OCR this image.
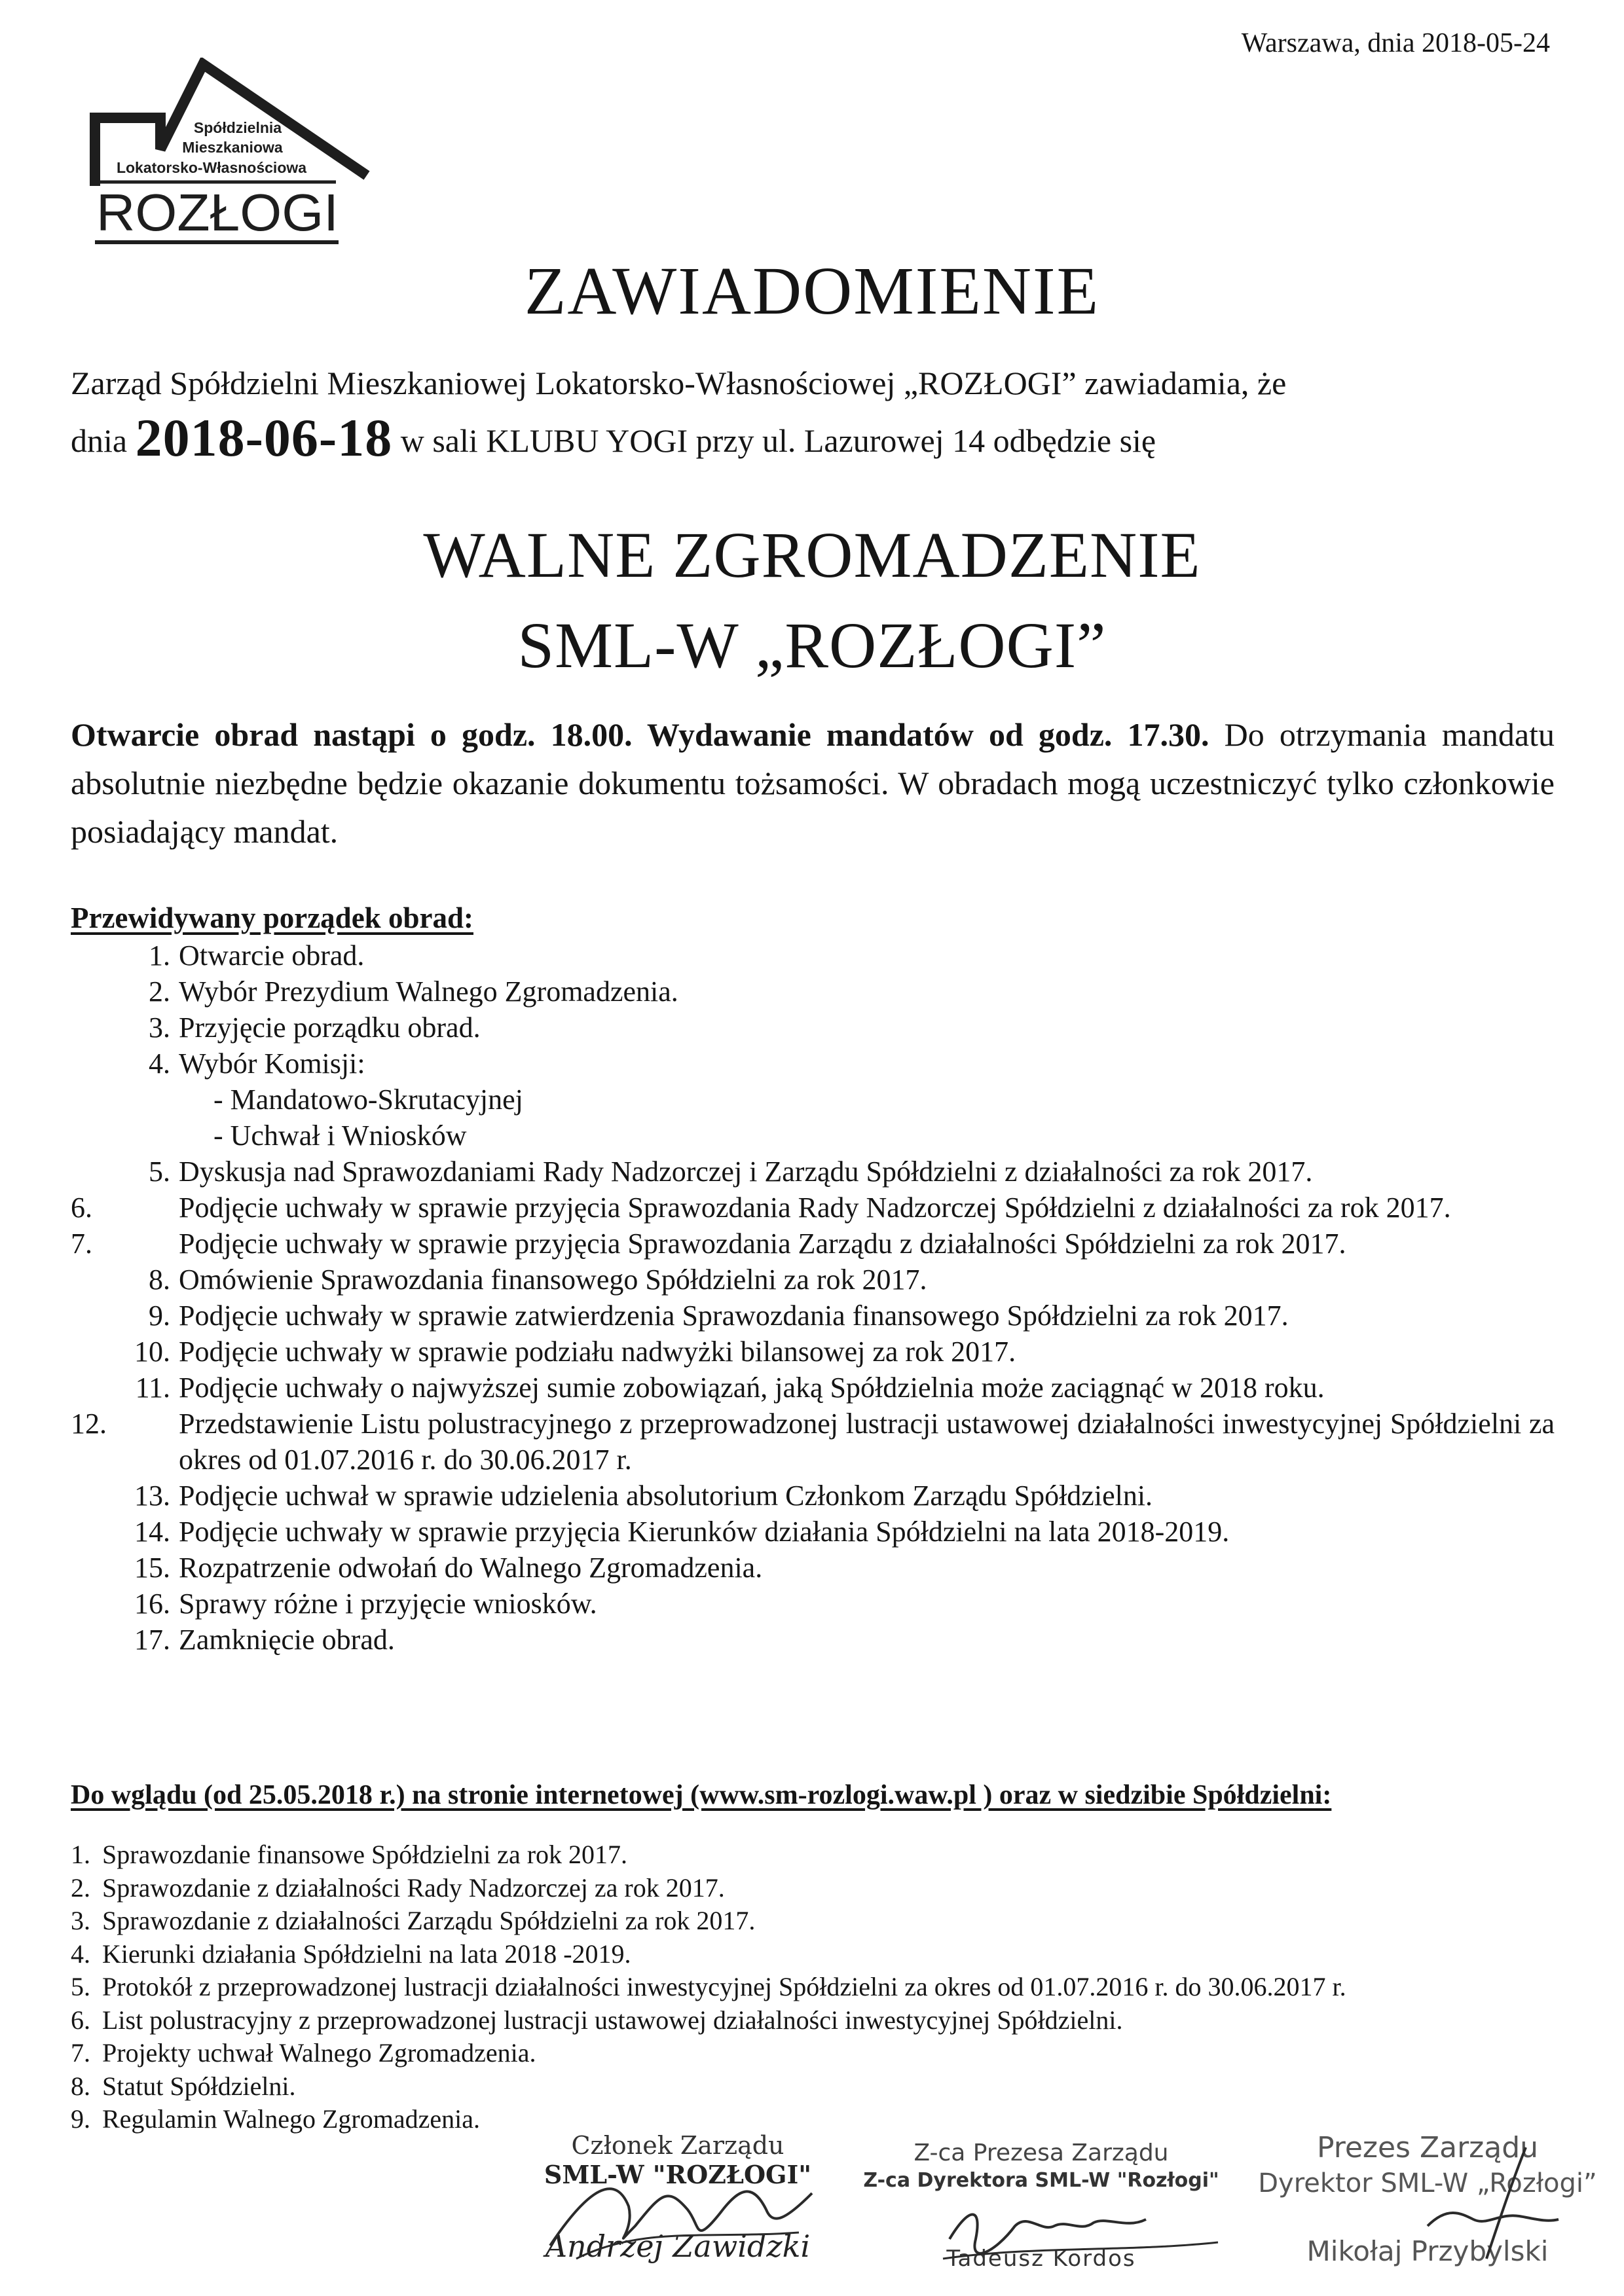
Warszawa, dnia 2018-05-24
Spółdzielnia
Mieszkaniowa
Lokatorsko-Własnościowa
ROZŁOGI
ZAWIADOMIENIE
Zarząd Spółdzielni Mieszkaniowej Lokatorsko-Własnościowej „ROZŁOGI” zawiadamia, że
dnia 2018-06-18 w sali KLUBU YOGI przy ul. Lazurowej 14 odbędzie się
WALNE ZGROMADZENIE
SML-W „ROZŁOGI”
Otwarcie obrad nastąpi o godz. 18.00. Wydawanie mandatów od godz. 17.30. Do otrzymania mandatu absolutnie niezbędne będzie okazanie dokumentu tożsamości. W obradach mogą uczestniczyć tylko członkowie posiadający mandat.
Przewidywany porządek obrad:
1. Otwarcie obrad.
2. Wybór Prezydium Walnego Zgromadzenia.
3. Przyjęcie porządku obrad.
4. Wybór Komisji:
- Mandatowo-Skrutacyjnej
- Uchwał i Wniosków
5. Dyskusja nad Sprawozdaniami Rady Nadzorczej i Zarządu Spółdzielni z działalności za rok 2017.
6.	Podjęcie uchwały w sprawie przyjęcia Sprawozdania Rady Nadzorczej Spółdzielni z działalności za rok 2017.
7.	Podjęcie uchwały w sprawie przyjęcia Sprawozdania Zarządu z działalności Spółdzielni za rok 2017.
8. Omówienie Sprawozdania finansowego Spółdzielni za rok 2017.
9. Podjęcie uchwały w sprawie zatwierdzenia Sprawozdania finansowego Spółdzielni za rok 2017.
10. Podjęcie uchwały w sprawie podziału nadwyżki bilansowej za rok 2017.
11. Podjęcie uchwały o najwyższej sumie zobowiązań, jaką Spółdzielnia może zaciągnąć w 2018 roku.
12.	Przedstawienie Listu polustracyjnego z przeprowadzonej lustracji ustawowej działalności inwestycyjnej Spółdzielni za okres od 01.07.2016 r. do 30.06.2017 r.
13. Podjęcie uchwał w sprawie udzielenia absolutorium Członkom Zarządu Spółdzielni.
14. Podjęcie uchwały w sprawie przyjęcia Kierunków działania Spółdzielni na lata 2018-2019.
15. Rozpatrzenie odwołań do Walnego Zgromadzenia.
16. Sprawy różne i przyjęcie wniosków.
17. Zamknięcie obrad.
Do wglądu (od 25.05.2018 r.) na stronie internetowej (www.sm-rozlogi.waw.pl ) oraz w siedzibie Spółdzielni:
1. Sprawozdanie finansowe Spółdzielni za rok 2017.
2. Sprawozdanie z działalności Rady Nadzorczej za rok 2017.
3. Sprawozdanie z działalności Zarządu Spółdzielni za rok 2017.
4. Kierunki działania Spółdzielni na lata 2018 -2019.
5. Protokół z przeprowadzonej lustracji działalności inwestycyjnej Spółdzielni za okres od 01.07.2016 r. do 30.06.2017 r.
6. List polustracyjny z przeprowadzonej lustracji ustawowej działalności inwestycyjnej Spółdzielni.
7. Projekty uchwał Walnego Zgromadzenia.
8. Statut Spółdzielni.
9. Regulamin Walnego Zgromadzenia.
Członek Zarządu
SML-W "ROZŁOGI"
Andrzej Zawidzki
Z-ca Prezesa Zarządu
Z-ca Dyrektora SML-W "Rozłogi"
Tadeusz Kordos
Prezes Zarządu
Dyrektor SML-W „Rozłogi”
Mikołaj Przybylski
